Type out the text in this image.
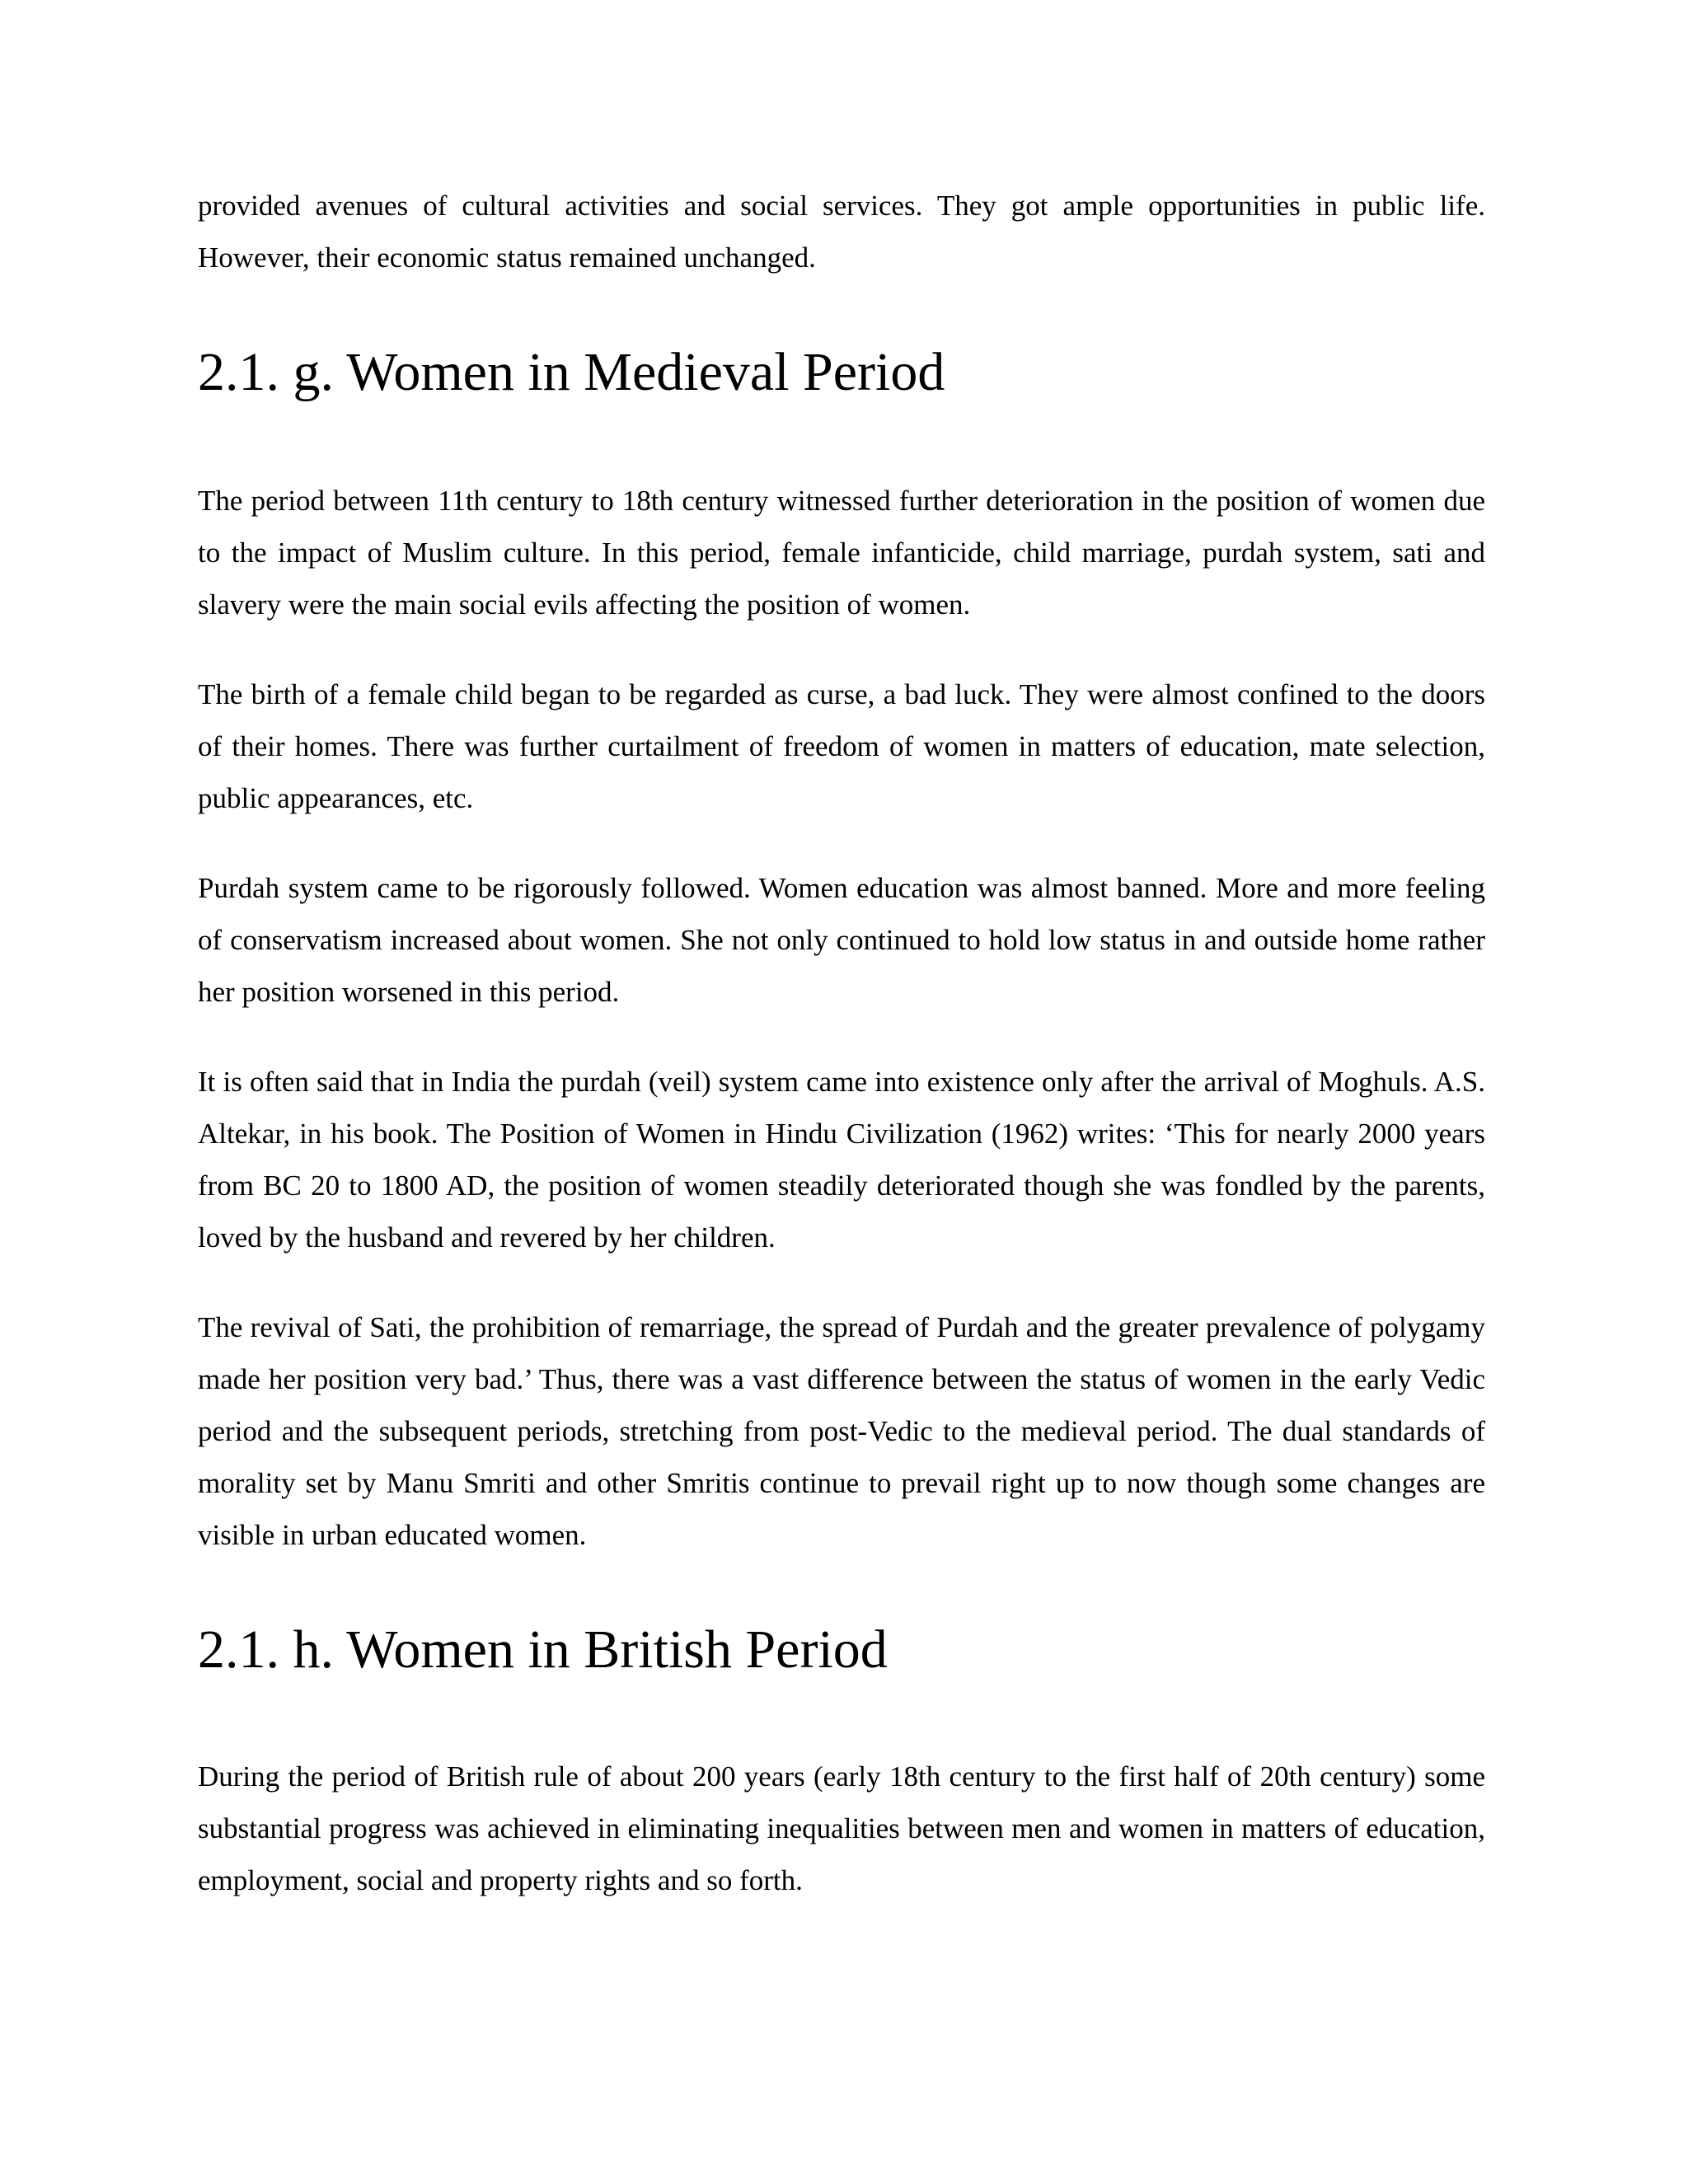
provided avenues of cultural activities and social services. They got ample opportunities in public life. However, their economic status remained unchanged.

2.1. g. Women in Medieval Period

The period between 11th century to 18th century witnessed further deterioration in the position of women due to the impact of Muslim culture. In this period, female infanticide, child marriage, purdah system, sati and slavery were the main social evils affecting the position of women.

The birth of a female child began to be regarded as curse, a bad luck. They were almost confined to the doors of their homes. There was further curtailment of freedom of women in matters of education, mate selection, public appearances, etc.

Purdah system came to be rigorously followed. Women education was almost banned. More and more feeling of conservatism increased about women. She not only continued to hold low status in and outside home rather her position worsened in this period.

It is often said that in India the purdah (veil) system came into existence only after the arrival of Moghuls. A.S. Altekar, in his book. The Position of Women in Hindu Civilization (1962) writes: ‘This for nearly 2000 years from BC 20 to 1800 AD, the position of women steadily deteriorated though she was fondled by the parents, loved by the husband and revered by her children.

The revival of Sati, the prohibition of remarriage, the spread of Purdah and the greater prevalence of polygamy made her position very bad.’ Thus, there was a vast difference between the status of women in the early Vedic period and the subsequent periods, stretching from post-Vedic to the medieval period. The dual standards of morality set by Manu Smriti and other Smritis continue to prevail right up to now though some changes are visible in urban educated women.

2.1. h. Women in British Period

During the period of British rule of about 200 years (early 18th century to the first half of 20th century) some substantial progress was achieved in eliminating inequalities between men and women in matters of education, employment, social and property rights and so forth.
